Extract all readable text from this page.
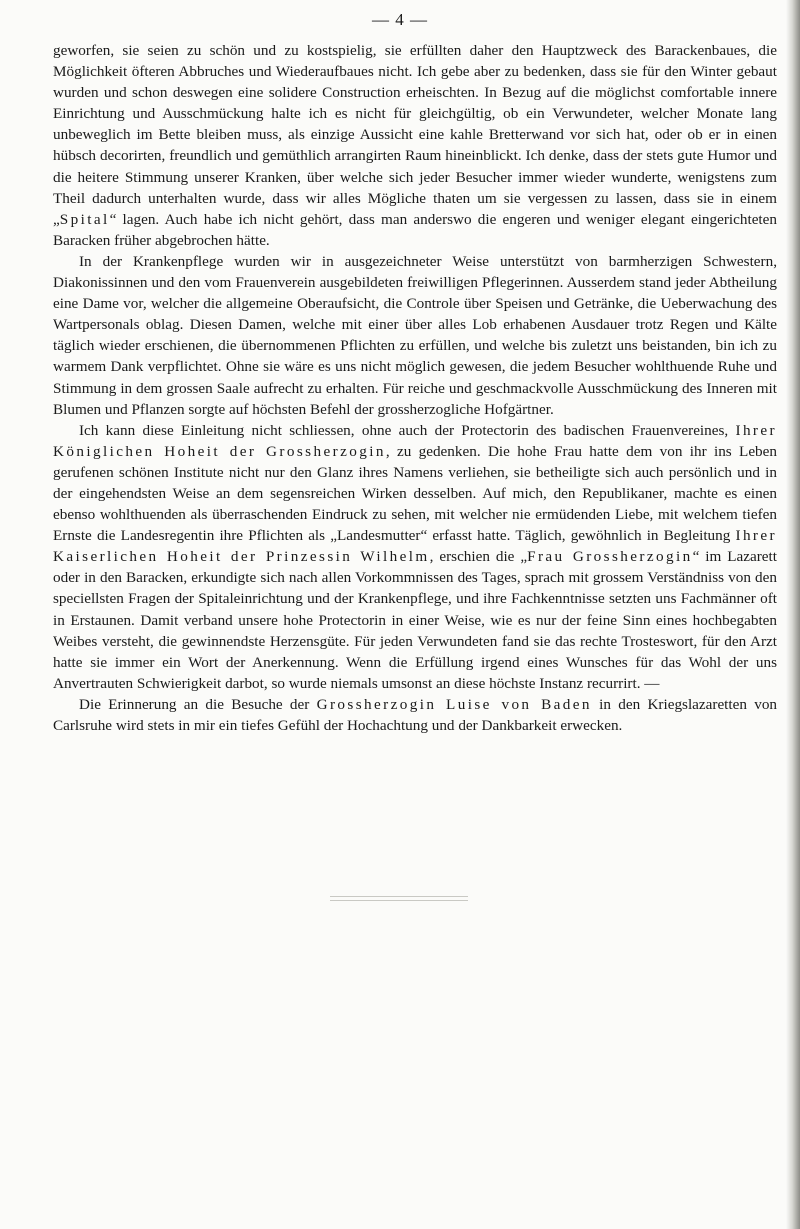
— 4 —

geworfen, sie seien zu schön und zu kostspielig, sie erfüllten daher den Hauptzweck des Barackenbaues, die Möglichkeit öfteren Abbruches und Wiederaufbaues nicht. Ich gebe aber zu bedenken, dass sie für den Winter gebaut wurden und schon deswegen eine solidere Construction erheischten. In Bezug auf die möglichst comfortable innere Einrichtung und Ausschmückung halte ich es nicht für gleichgültig, ob ein Verwundeter, welcher Monate lang unbeweglich im Bette bleiben muss, als einzige Aussicht eine kahle Bretterwand vor sich hat, oder ob er in einen hübsch decorirten, freundlich und gemüthlich arrangirten Raum hineinblickt. Ich denke, dass der stets gute Humor und die heitere Stimmung unserer Kranken, über welche sich jeder Besucher immer wieder wunderte, wenigstens zum Theil dadurch unterhalten wurde, dass wir alles Mögliche thaten um sie vergessen zu lassen, dass sie in einem „Spital“ lagen. Auch habe ich nicht gehört, dass man anderswo die engeren und weniger elegant eingerichteten Baracken früher abgebrochen hätte.

In der Krankenpflege wurden wir in ausgezeichneter Weise unterstützt von barmherzigen Schwestern, Diakonissinnen und den vom Frauenverein ausgebildeten freiwilligen Pflegerinnen. Ausserdem stand jeder Abtheilung eine Dame vor, welcher die allgemeine Oberaufsicht, die Controle über Speisen und Getränke, die Ueberwachung des Wartpersonals oblag. Diesen Damen, welche mit einer über alles Lob erhabenen Ausdauer trotz Regen und Kälte täglich wieder erschienen, die übernommenen Pflichten zu erfüllen, und welche bis zuletzt uns beistanden, bin ich zu warmem Dank verpflichtet. Ohne sie wäre es uns nicht möglich gewesen, die jedem Besucher wohlthuende Ruhe und Stimmung in dem grossen Saale aufrecht zu erhalten. Für reiche und geschmackvolle Ausschmückung des Inneren mit Blumen und Pflanzen sorgte auf höchsten Befehl der grossherzogliche Hofgärtner.

Ich kann diese Einleitung nicht schliessen, ohne auch der Protectorin des badischen Frauenvereines, Ihrer Königlichen Hoheit der Grossherzogin, zu gedenken. Die hohe Frau hatte dem von ihr ins Leben gerufenen schönen Institute nicht nur den Glanz ihres Namens verliehen, sie betheiligte sich auch persönlich und in der eingehendsten Weise an dem segensreichen Wirken desselben. Auf mich, den Republikaner, machte es einen ebenso wohlthuenden als überraschenden Eindruck zu sehen, mit welcher nie ermüdenden Liebe, mit welchem tiefen Ernste die Landesregentin ihre Pflichten als „Landesmutter“ erfasst hatte. Täglich, gewöhnlich in Begleitung Ihrer Kaiserlichen Hoheit der Prinzessin Wilhelm, erschien die „Frau Grossherzogin“ im Lazarett oder in den Baracken, erkundigte sich nach allen Vorkommnissen des Tages, sprach mit grossem Verständniss von den speciellsten Fragen der Spitaleinrichtung und der Krankenpflege, und ihre Fachkenntnisse setzten uns Fachmänner oft in Erstaunen. Damit verband unsere hohe Protectorin in einer Weise, wie es nur der feine Sinn eines hochbegabten Weibes versteht, die gewinnendste Herzensgüte. Für jeden Verwundeten fand sie das rechte Trosteswort, für den Arzt hatte sie immer ein Wort der Anerkennung. Wenn die Erfüllung irgend eines Wunsches für das Wohl der uns Anvertrauten Schwierigkeit darbot, so wurde niemals umsonst an diese höchste Instanz recurrirt. —

Die Erinnerung an die Besuche der Grossherzogin Luise von Baden in den Kriegslazaretten von Carlsruhe wird stets in mir ein tiefes Gefühl der Hochachtung und der Dankbarkeit erwecken.
